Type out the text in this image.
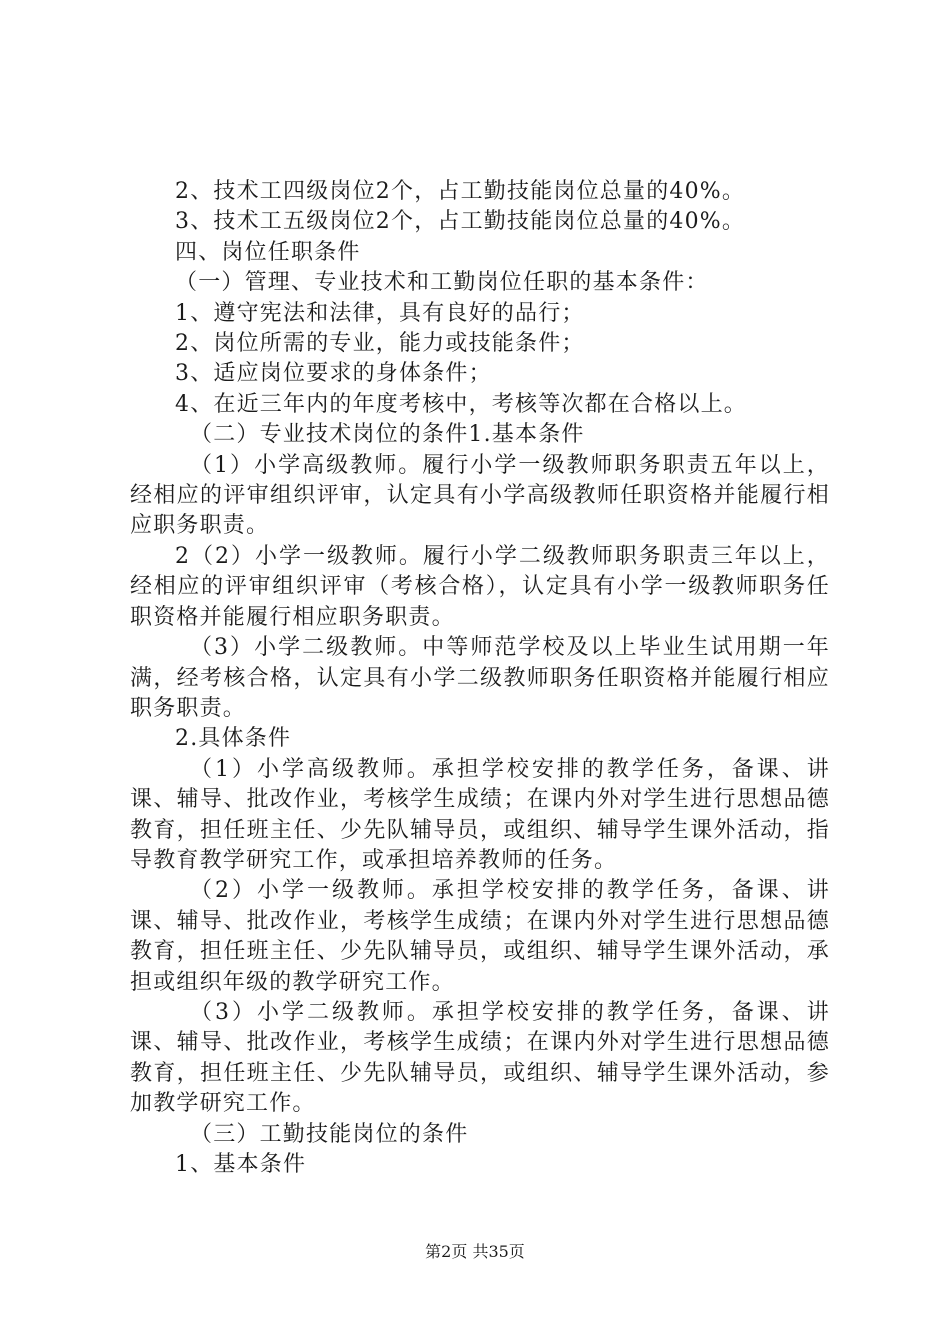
2、技术工四级岗位2个，占工勤技能岗位总量的40%。

3、技术工五级岗位2个，占工勤技能岗位总量的40%。

四、岗位任职条件

（一）管理、专业技术和工勤岗位任职的基本条件：

1、遵守宪法和法律，具有良好的品行；

2、岗位所需的专业，能力或技能条件；

3、适应岗位要求的身体条件；

4、在近三年内的年度考核中，考核等次都在合格以上。

（二）专业技术岗位的条件1.基本条件

（1）小学高级教师。履行小学一级教师职务职责五年以上，经相应的评审组织评审，认定具有小学高级教师任职资格并能履行相应职务职责。

2（2）小学一级教师。履行小学二级教师职务职责三年以上，经相应的评审组织评审（考核合格），认定具有小学一级教师职务任职资格并能履行相应职务职责。

（3）小学二级教师。中等师范学校及以上毕业生试用期一年满，经考核合格，认定具有小学二级教师职务任职资格并能履行相应职务职责。

2.具体条件

（1）小学高级教师。承担学校安排的教学任务，备课、讲课、辅导、批改作业，考核学生成绩；在课内外对学生进行思想品德教育，担任班主任、少先队辅导员，或组织、辅导学生课外活动，指导教育教学研究工作，或承担培养教师的任务。

（2）小学一级教师。承担学校安排的教学任务，备课、讲课、辅导、批改作业，考核学生成绩；在课内外对学生进行思想品德教育，担任班主任、少先队辅导员，或组织、辅导学生课外活动，承担或组织年级的教学研究工作。

（3）小学二级教师。承担学校安排的教学任务，备课、讲课、辅导、批改作业，考核学生成绩；在课内外对学生进行思想品德教育，担任班主任、少先队辅导员，或组织、辅导学生课外活动，参加教学研究工作。

（三）工勤技能岗位的条件

1、基本条件

第2页 共35页
